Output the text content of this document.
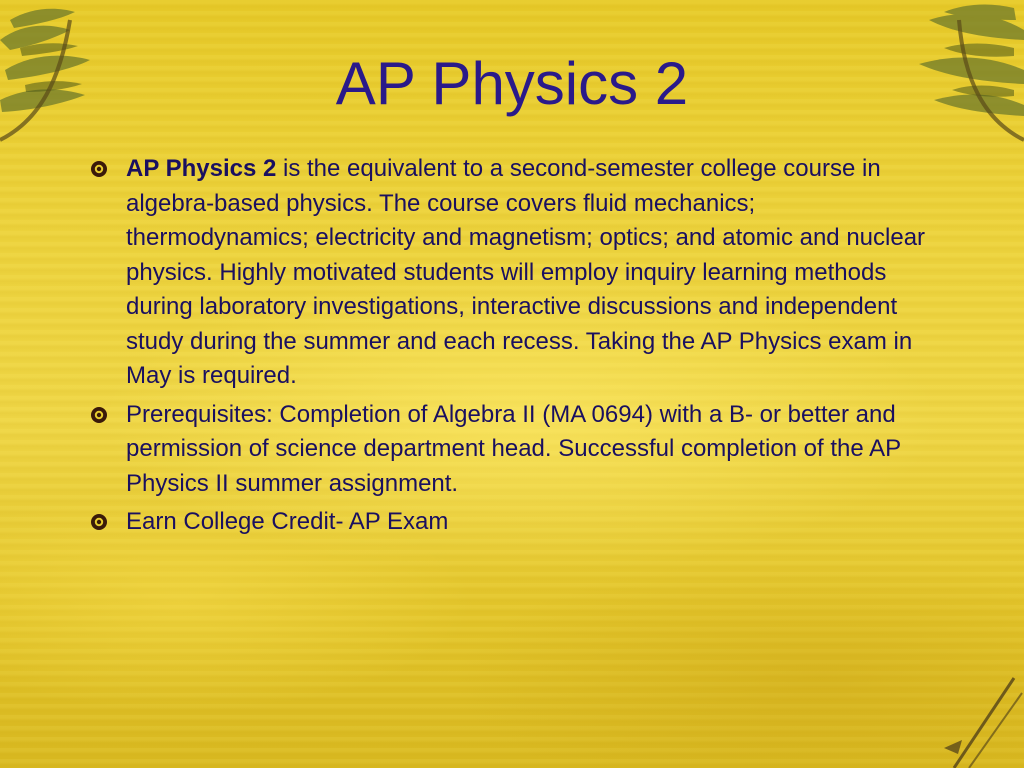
AP Physics 2
AP Physics 2 is the equivalent to a second-semester college course in algebra-based physics. The course covers fluid mechanics; thermodynamics; electricity and magnetism; optics; and atomic and nuclear physics. Highly motivated students will employ inquiry learning methods during laboratory investigations, interactive discussions and independent study during the summer and each recess. Taking the AP Physics exam in May is required.
Prerequisites: Completion of Algebra II (MA 0694) with a B- or better and permission of science department head. Successful completion of the AP Physics II summer assignment.
Earn College Credit- AP Exam
